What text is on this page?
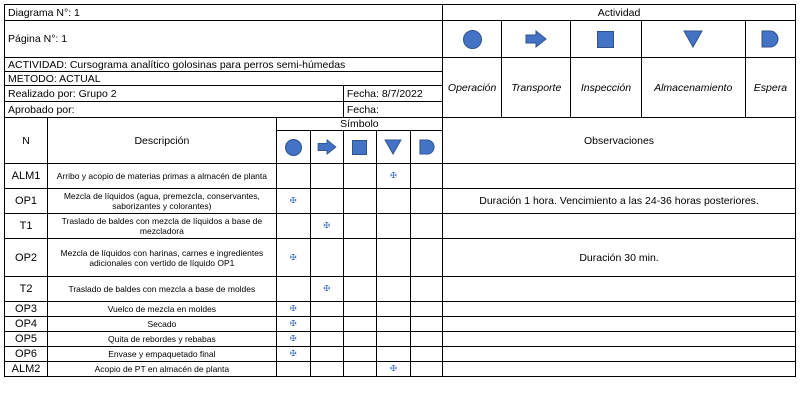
Diagrama N°: 1							Actividad				
Página N°: 1		

ACTIVIDAD: Cursograma analítico golosinas para perros semi-húmedas							Operación	Transporte	Inspección	Almacenamiento	Espera
METODO: ACTUAL											
Realizado por: Grupo 2				Fecha: 8/7/2022							
Aprobado por:				Fecha:							
N	Descripción	Símbolo					Observaciones				

ALM1	Arribo y acopio de materias primas a almacén de planta				✠						
OP1	Mezcla de líquidos (agua, premezcla, conservantes, saborizantes y colorantes)	✠					Duración 1 hora. Vencimiento a las 24-36 horas posteriores.				
T1	Traslado de baldes con mezcla de líquidos a base de mezcladora		✠								
OP2	Mezcla de líquidos con harinas, carnes e ingredientes adicionales con vertido de líquido OP1	✠					Duración 30 min.				
T2	Traslado de baldes con mezcla a base de moldes		✠								
OP3	Vuelco de mezcla en moldes	✠									
OP4	Secado	✠									
OP5	Quita de rebordes y rebabas	✠									
OP6	Envase y empaquetado final	✠									
ALM2	Acopio de PT en almacén de planta				✠						
